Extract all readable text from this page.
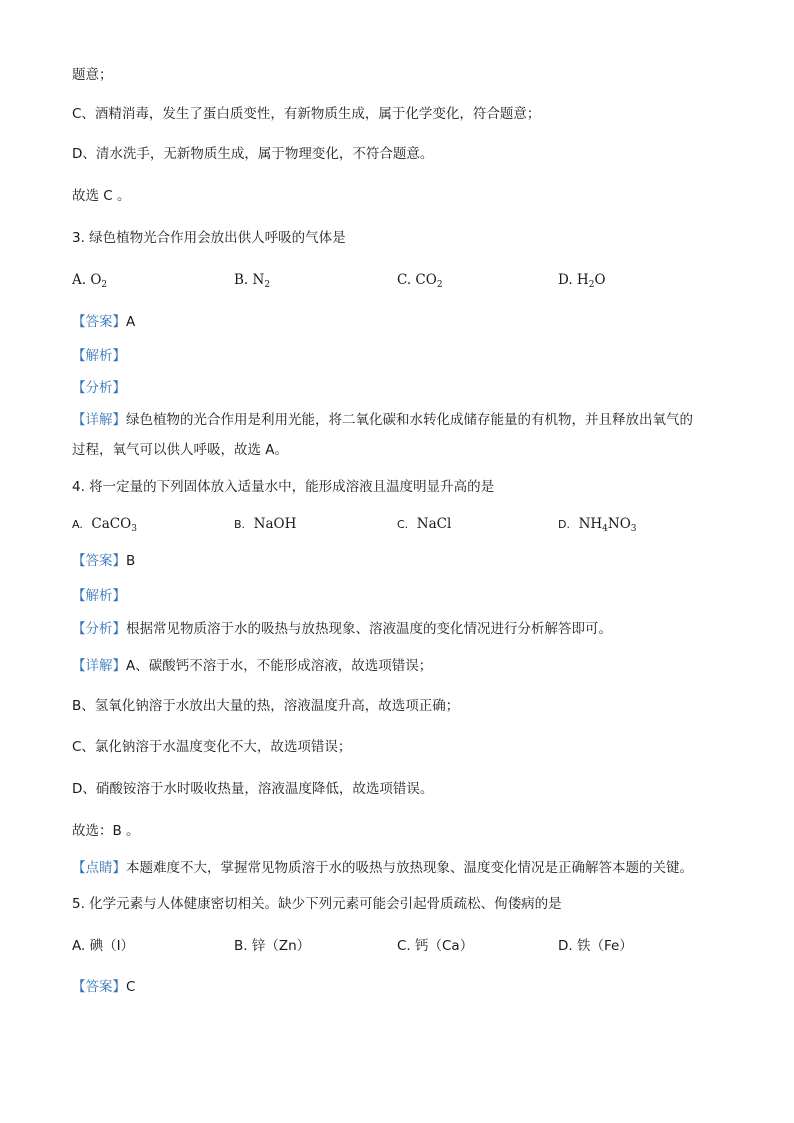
题意；
C、酒精消毒，发生了蛋白质变性，有新物质生成，属于化学变化，符合题意；
D、清水洗手，无新物质生成，属于物理变化，不符合题意。
故选 C 。
3. 绿色植物光合作用会放出供人呼吸的气体是
A. $O_2$	B. $N_2$	C. $CO_2$	D. $H_2O$
【答案】A
【解析】
【分析】
【详解】绿色植物的光合作用是利用光能，将二氧化碳和水转化成储存能量的有机物，并且释放出氧气的
过程，氧气可以供人呼吸，故选 A。
4. 将一定量的下列固体放入适量水中，能形成溶液且温度明显升高的是
A. CaCO$_3$	B. NaOH	C. NaCl	D. $NH_4NO_3$
【答案】B
【解析】
【分析】根据常见物质溶于水的吸热与放热现象、溶液温度的变化情况进行分析解答即可。
【详解】A、碳酸钙不溶于水，不能形成溶液，故选项错误；
B、氢氧化钠溶于水放出大量的热，溶液温度升高，故选项正确；
C、氯化钠溶于水温度变化不大，故选项错误；
D、硝酸铵溶于水时吸收热量，溶液温度降低，故选项错误。
故选：B 。
【点睛】本题难度不大，掌握常见物质溶于水的吸热与放热现象、温度变化情况是正确解答本题的关键。
5. 化学元素与人体健康密切相关。缺少下列元素可能会引起骨质疏松、佝偻病的是
A. 碘（I）	B. 锌（Zn）	C. 钙（Ca）	D. 铁（Fe）
【答案】C
